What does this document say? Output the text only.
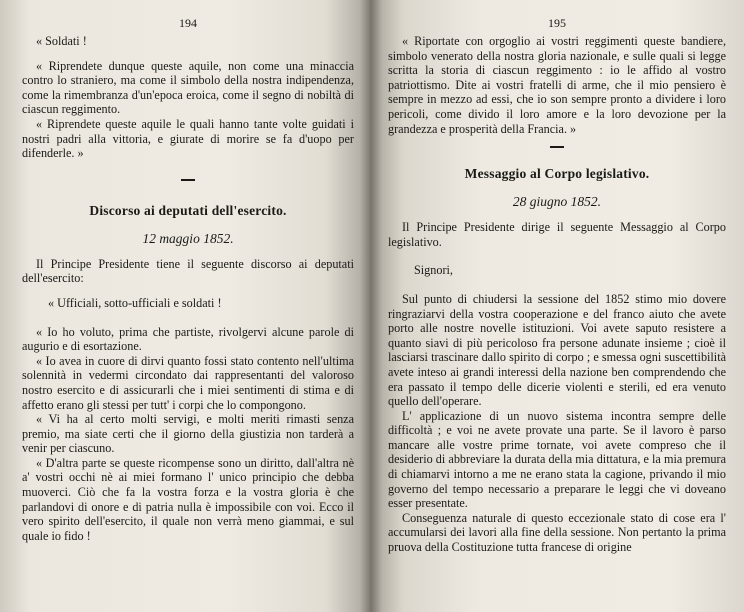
194

« Soldati !

« Riprendete dunque queste aquile, non come una minaccia contro lo straniero, ma come il simbolo della nostra indipendenza, come la rimembranza d'un'epoca eroica, come il segno di nobiltà di ciascun reggimento.

« Riprendete queste aquile le quali hanno tante volte guidati i nostri padri alla vittoria, e giurate di morire se fa d'uopo per difenderle. »

Discorso ai deputati dell'esercito.
12 maggio 1852.

Il Principe Presidente tiene il seguente discorso ai deputati dell'esercito:

« Ufficiali, sotto-ufficiali e soldati !

« Io ho voluto, prima che partiste, rivolgervi alcune parole di augurio e di esortazione.

« Io avea in cuore di dirvi quanto fossi stato contento nell'ultima solennità in vedermi circondato dai rappresentanti del valoroso nostro esercito e di assicurarli che i miei sentimenti di stima e di affetto erano gli stessi per tutt' i corpi che lo compongono.

« Vi ha al certo molti servigi, e molti meriti rimasti senza premio, ma siate certi che il giorno della giustizia non tarderà a venir per ciascuno.

« D'altra parte se queste ricompense sono un diritto, dall'altra nè a' vostri occhi nè ai miei formano l' unico principio che debba muoverci. Ciò che fa la vostra forza e la vostra gloria è che parlandovi di onore e di patria nulla è impossibile con voi. Ecco il vero spirito dell'esercito, il quale non verrà meno giammai, e sul quale io fido !

195

« Riportate con orgoglio ai vostri reggimenti queste bandiere, simbolo venerato della nostra gloria nazionale, e sulle quali si legge scritta la storia di ciascun reggimento : io le affido al vostro patriottismo. Dite ai vostri fratelli di arme, che il mio pensiero è sempre in mezzo ad essi, che io son sempre pronto a dividere i loro pericoli, come divido il loro amore e la loro devozione per la grandezza e prosperità della Francia. »

Messaggio al Corpo legislativo.
28 giugno 1852.

Il Principe Presidente dirige il seguente Messaggio al Corpo legislativo.

Signori,

Sul punto di chiudersi la sessione del 1852 stimo mio dovere ringraziarvi della vostra cooperazione e del franco aiuto che avete porto alle nostre novelle istituzioni. Voi avete saputo resistere a quanto siavi di più pericoloso fra persone adunate insieme ; cioè il lasciarsi trascinare dallo spirito di corpo ; e smessa ogni suscettibilità avete inteso ai grandi interessi della nazione ben comprendendo che era passato il tempo delle dicerie violenti e sterili, ed era venuto quello dell'operare.

L' applicazione di un nuovo sistema incontra sempre delle difficoltà ; e voi ne avete provate una parte. Se il lavoro è parso mancare alle vostre prime tornate, voi avete compreso che il desiderio di abbreviare la durata della mia dittatura, e la mia premura di chiamarvi intorno a me ne erano stata la cagione, privando il mio governo del tempo necessario a preparare le leggi che vi doveano esser presentate.

Conseguenza naturale di questo eccezionale stato di cose era l' accumularsi dei lavori alla fine della sessione. Non pertanto la prima pruova della Costituzione tutta francese di origine
